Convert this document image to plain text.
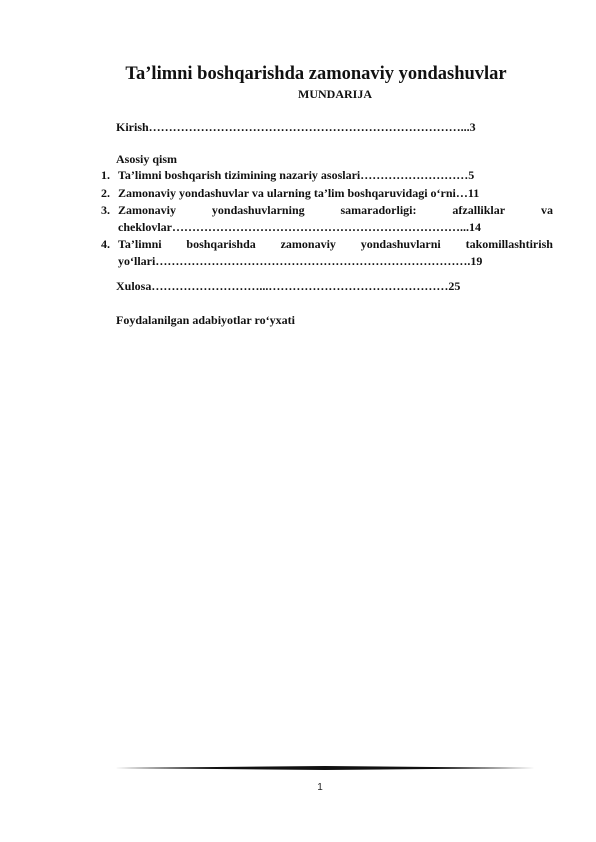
Ta’limni boshqarishda zamonaviy yondashuvlar
MUNDARIJA
Kirish……………………………………………………………………...3
Asosiy qism
1. Ta’limni boshqarish tizimining nazariy asoslari………………………5
2. Zamonaviy yondashuvlar va ularning ta’lim boshqaruvidagi o‘rni…11
3. Zamonaviy	yondashuvlarning	samaradorligi:	afzalliklar	va
cheklovlar………………………………………………………………...14
4. Ta’limni boshqarishda zamonaviy yondashuvlarni takomillashtirish
yo‘llari…………………………………………………………………….19
Xulosa………………………...………………………………………25
Foydalanilgan adabiyotlar ro‘yxati
1
